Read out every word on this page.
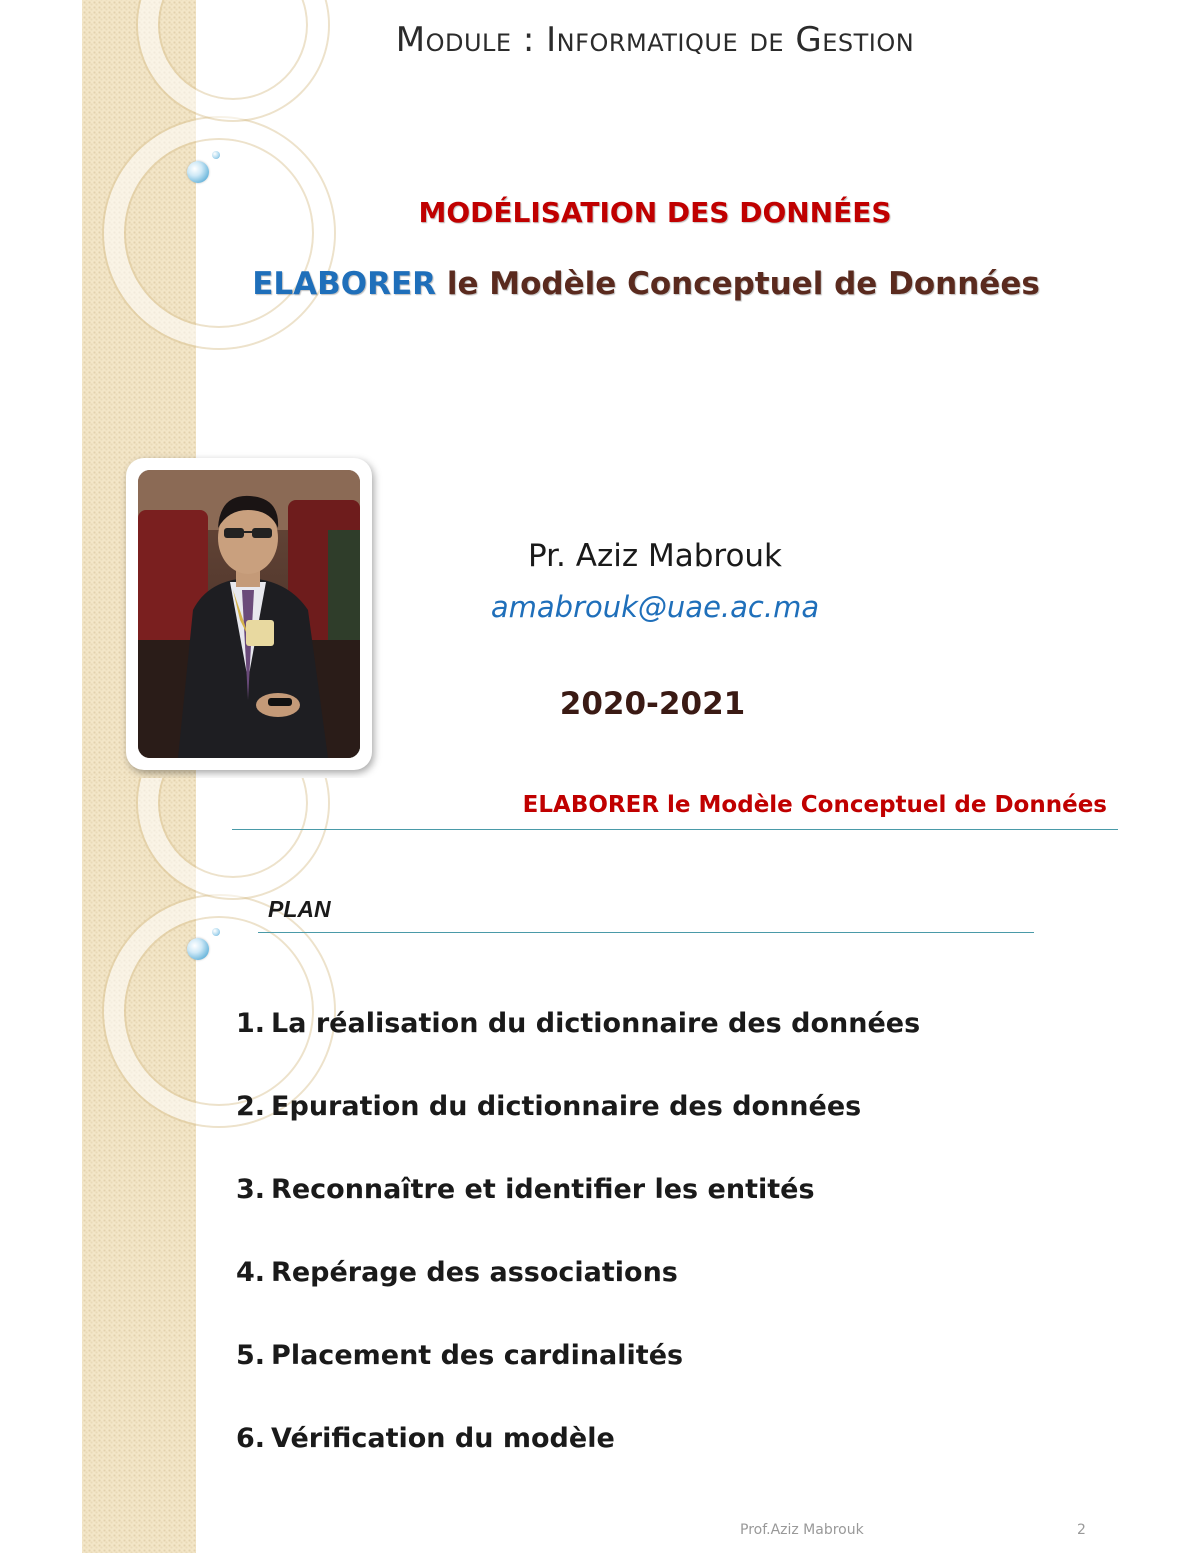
Module : Informatique de Gestion
MODÉLISATION DES DONNÉES
ELABORER le Modèle Conceptuel de Données
Pr. Aziz Mabrouk
amabrouk@uae.ac.ma
2020-2021
ELABORER le Modèle Conceptuel de Données
PLAN
1. La réalisation du dictionnaire des données
2. Epuration du dictionnaire des données
3. Reconnaître et identifier les entités
4. Repérage des associations
5. Placement des cardinalités
6. Vérification du modèle
Prof.Aziz Mabrouk	2
